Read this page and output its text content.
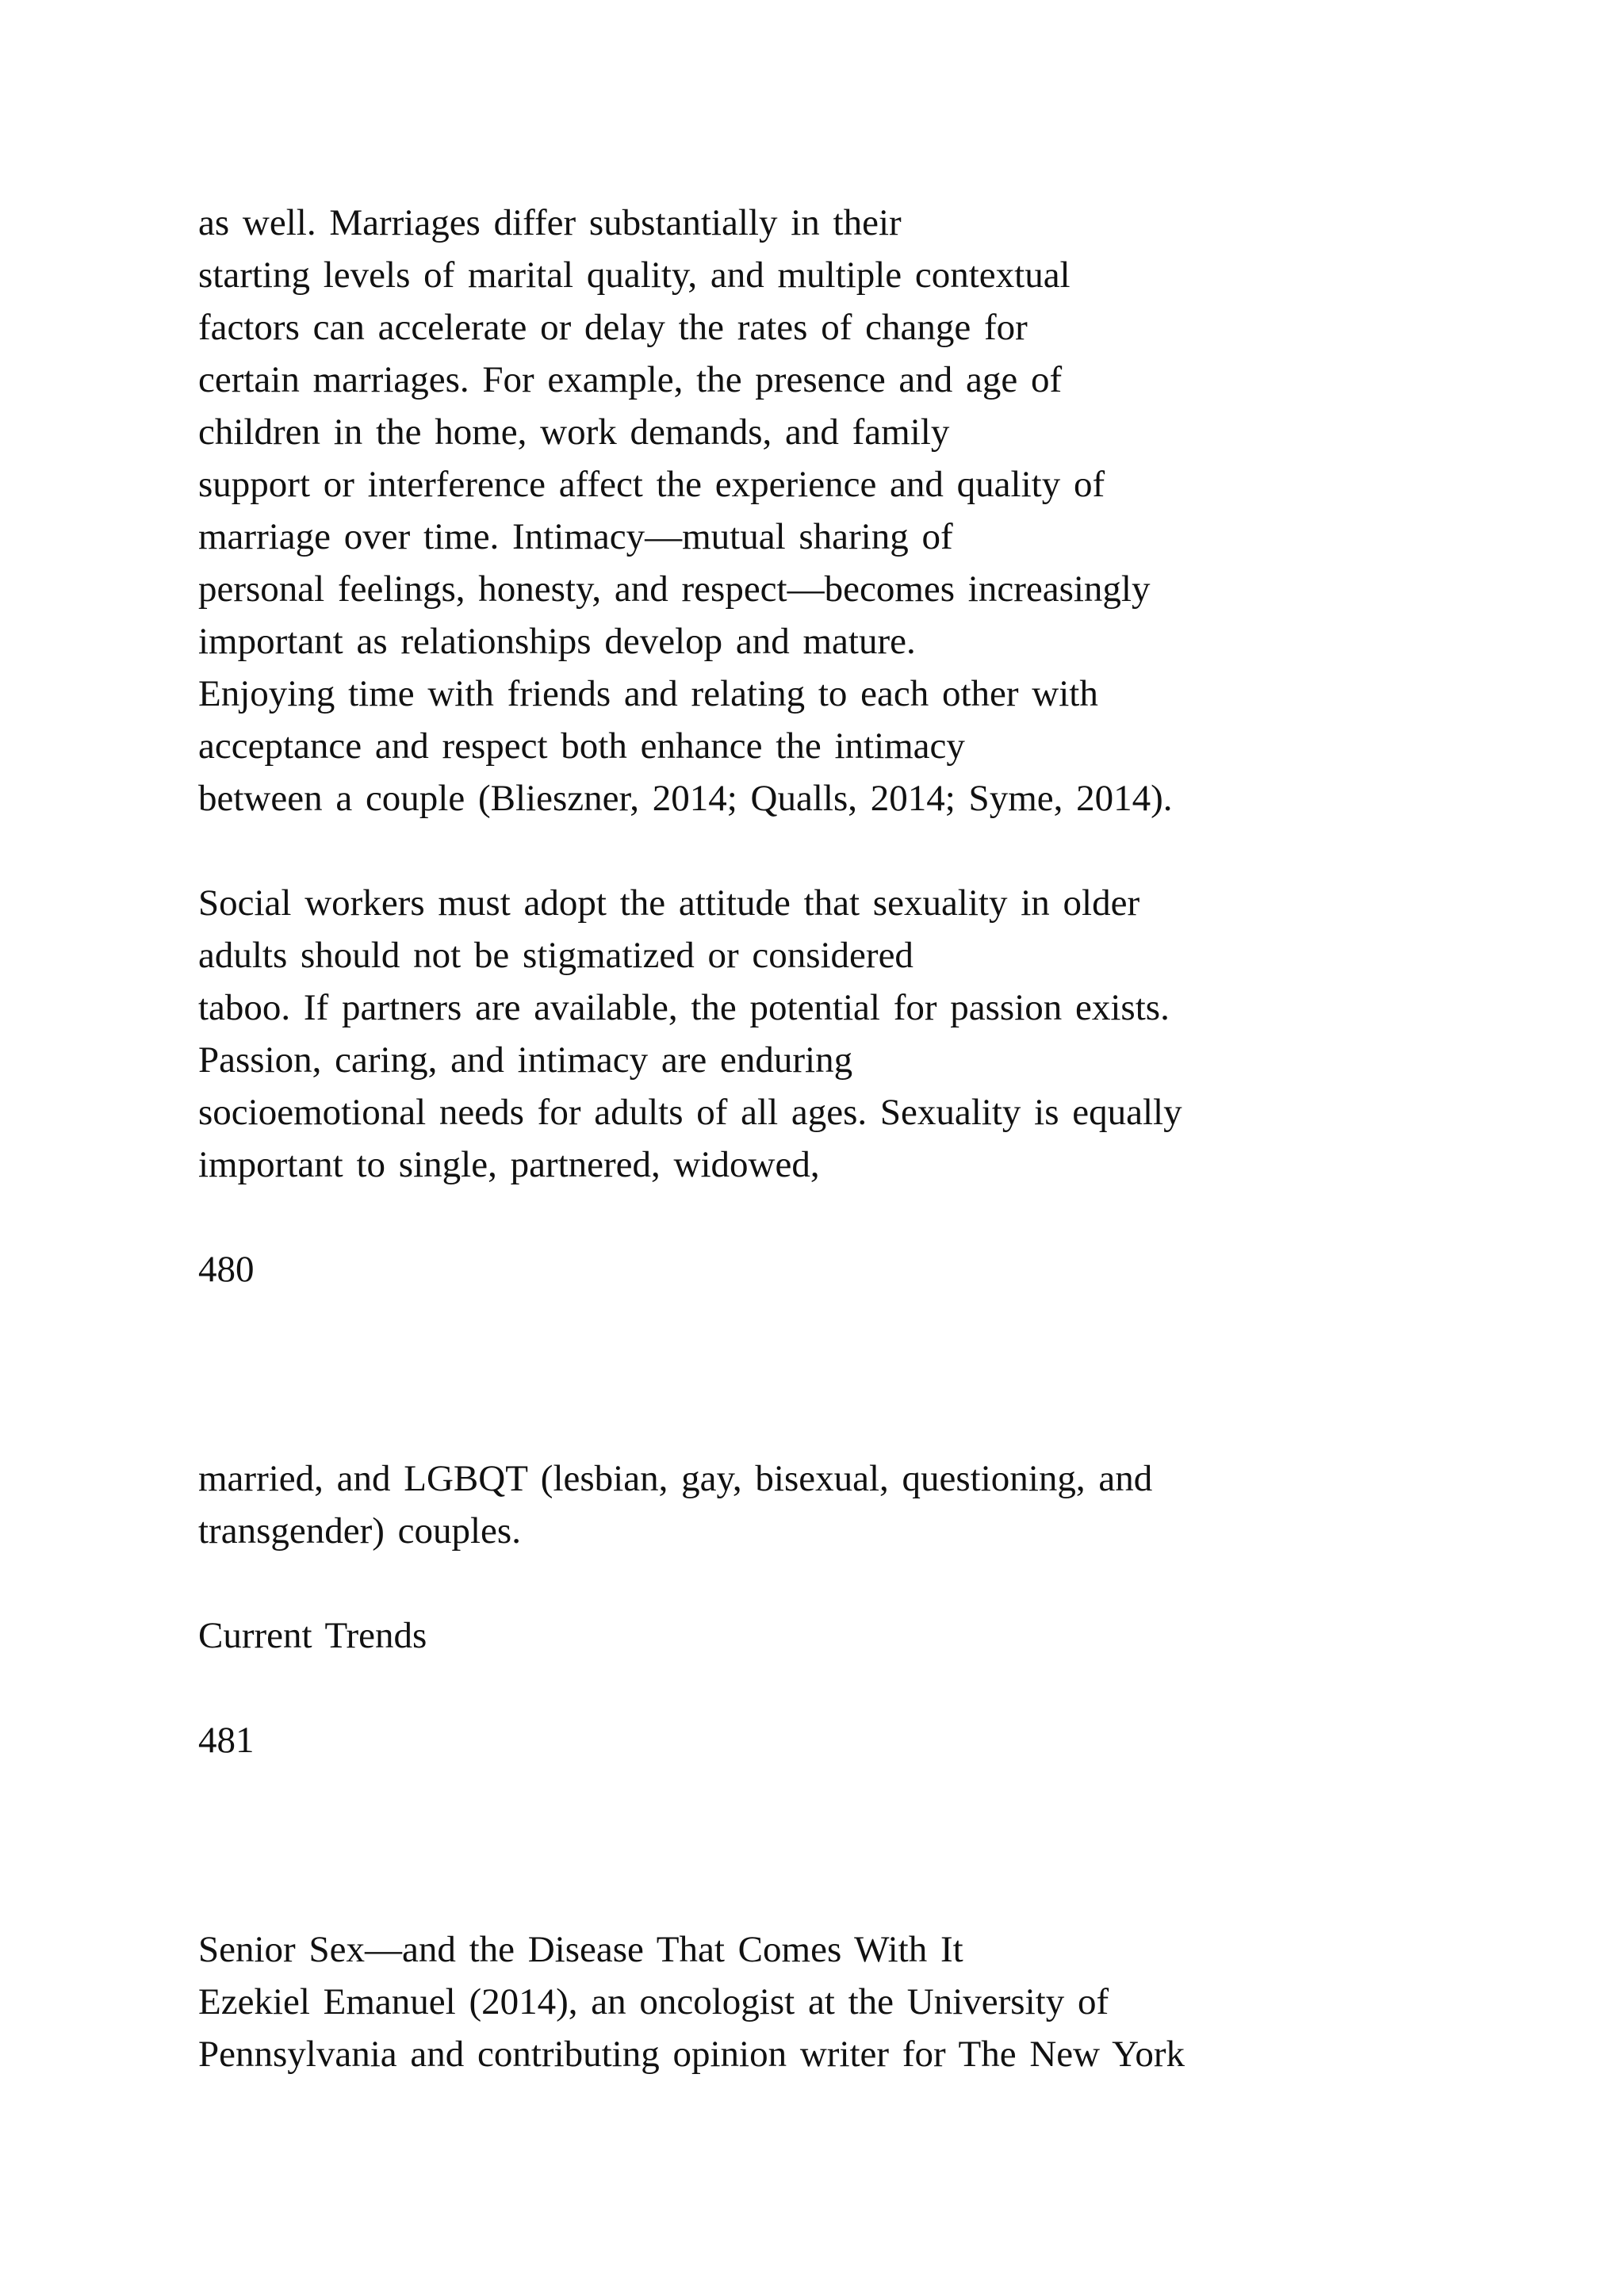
as well. Marriages differ substantially in their

starting levels of marital quality, and multiple contextual

factors can accelerate or delay the rates of change for

certain marriages. For example, the presence and age of

children in the home, work demands, and family

support or interference affect the experience and quality of

marriage over time. Intimacy—mutual sharing of

personal feelings, honesty, and respect—becomes increasingly

important as relationships develop and mature.

Enjoying time with friends and relating to each other with

acceptance and respect both enhance the intimacy

between a couple (Blieszner, 2014; Qualls, 2014; Syme, 2014).

Social workers must adopt the attitude that sexuality in older

adults should not be stigmatized or considered

taboo. If partners are available, the potential for passion exists.

Passion, caring, and intimacy are enduring

socioemotional needs for adults of all ages. Sexuality is equally

important to single, partnered, widowed,

480

married, and LGBQT (lesbian, gay, bisexual, questioning, and

transgender) couples.

Current Trends

481

Senior Sex—and the Disease That Comes With It

Ezekiel Emanuel (2014), an oncologist at the University of

Pennsylvania and contributing opinion writer for The New York
